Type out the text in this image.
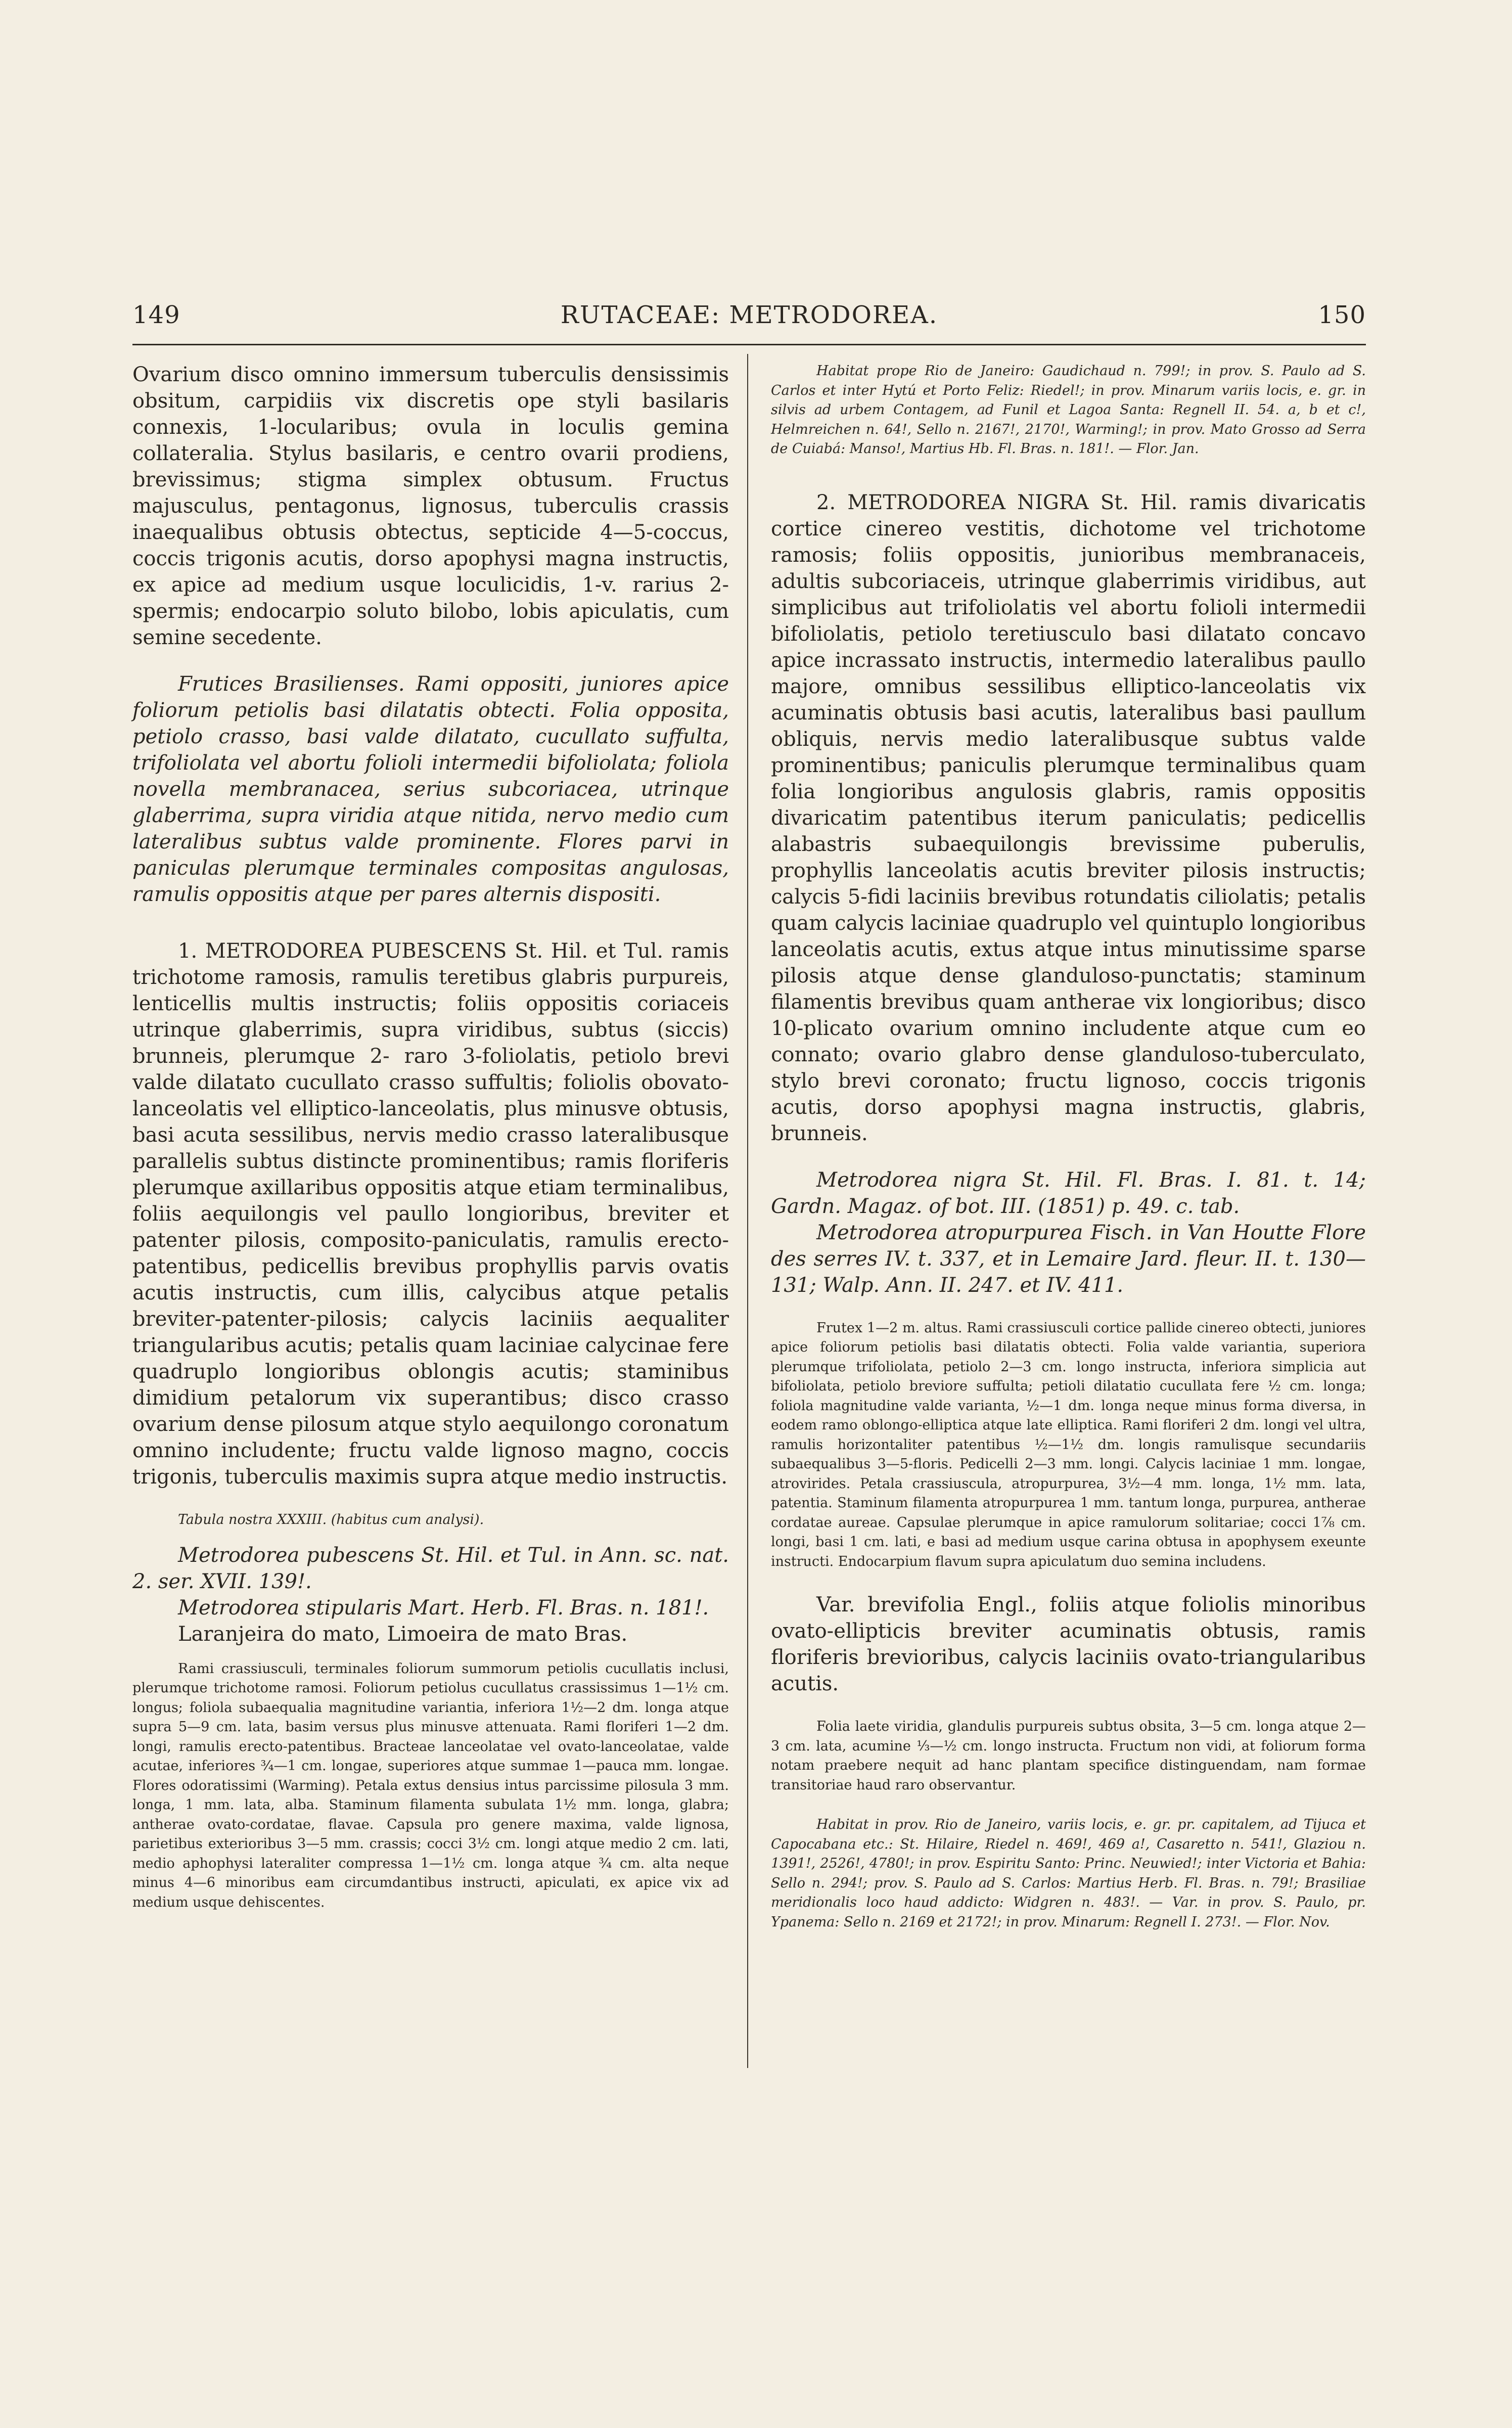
149	RUTACEAE: METRODOREA.	150

Ovarium disco omnino immersum tuberculis densissimis obsitum, carpidiis vix discretis ope styli basilaris connexis, 1-locularibus; ovula in loculis gemina collateralia. Stylus basilaris, e centro ovarii prodiens, brevissimus; stigma simplex obtusum. Fructus majusculus, pentagonus, lignosus, tuberculis crassis inaequalibus obtusis obtectus, septicide 4—5-coccus, coccis trigonis acutis, dorso apophysi magna instructis, ex apice ad medium usque loculicidis, 1-v. rarius 2-spermis; endocarpio soluto bilobo, lobis apiculatis, cum semine secedente.

Frutices Brasilienses. Rami oppositi, juniores apice foliorum petiolis basi dilatatis obtecti. Folia opposita, petiolo crasso, basi valde dilatato, cucullato suffulta, trifoliolata vel abortu folioli intermedii bifoliolata; foliola novella membranacea, serius subcoriacea, utrinque glaberrima, supra viridia atque nitida, nervo medio cum lateralibus subtus valde prominente. Flores parvi in paniculas plerumque terminales compositas angulosas, ramulis oppositis atque per pares alternis dispositi.

1. METRODOREA PUBESCENS St. Hil. et Tul. ramis trichotome ramosis, ramulis teretibus glabris purpureis, lenticellis multis instructis; foliis oppositis coriaceis utrinque glaberrimis, supra viridibus, subtus (siccis) brunneis, plerumque 2- raro 3-foliolatis, petiolo brevi valde dilatato cucullato crasso suffultis; foliolis obovato-lanceolatis vel elliptico-lanceolatis, plus minusve obtusis, basi acuta sessilibus, nervis medio crasso lateralibusque parallelis subtus distincte prominentibus; ramis floriferis plerumque axillaribus oppositis atque etiam terminalibus, foliis aequilongis vel paullo longioribus, breviter et patenter pilosis, composito-paniculatis, ramulis erecto-patentibus, pedicellis brevibus prophyllis parvis ovatis acutis instructis, cum illis, calycibus atque petalis breviter-patenter-pilosis; calycis laciniis aequaliter triangularibus acutis; petalis quam laciniae calycinae fere quadruplo longioribus oblongis acutis; staminibus dimidium petalorum vix superantibus; disco crasso ovarium dense pilosum atque stylo aequilongo coronatum omnino includente; fructu valde lignoso magno, coccis trigonis, tuberculis maximis supra atque medio instructis.

Tabula nostra XXXIII. (habitus cum analysi).

Metrodorea pubescens St. Hil. et Tul. in Ann. sc. nat. 2. ser. XVII. 139!.

Metrodorea stipularis Mart. Herb. Fl. Bras. n. 181!.

Laranjeira do mato, Limoeira de mato Bras.

Rami crassiusculi, terminales foliorum summorum petiolis cucullatis inclusi, plerumque trichotome ramosi. Foliorum petiolus cucullatus crassissimus 1—1½ cm. longus; foliola subaequalia magnitudine variantia, inferiora 1½—2 dm. longa atque supra 5—9 cm. lata, basim versus plus minusve attenuata. Rami floriferi 1—2 dm. longi, ramulis erecto-patentibus. Bracteae lanceolatae vel ovato-lanceolatae, valde acutae, inferiores ¾—1 cm. longae, superiores atque summae 1—pauca mm. longae. Flores odoratissimi (Warming). Petala extus densius intus parcissime pilosula 3 mm. longa, 1 mm. lata, alba. Staminum filamenta subulata 1½ mm. longa, glabra; antherae ovato-cordatae, flavae. Capsula pro genere maxima, valde lignosa, parietibus exterioribus 3—5 mm. crassis; cocci 3½ cm. longi atque medio 2 cm. lati, medio aphophysi lateraliter compressa 1—1½ cm. longa atque ¾ cm. alta neque minus 4—6 minoribus eam circumdantibus instructi, apiculati, ex apice vix ad medium usque dehiscentes.

Habitat prope Rio de Janeiro: Gaudichaud n. 799!; in prov. S. Paulo ad S. Carlos et inter Hytú et Porto Feliz: Riedel!; in prov. Minarum variis locis, e. gr. in silvis ad urbem Contagem, ad Funil et Lagoa Santa: Regnell II. 54. a, b et c!, Helmreichen n. 64!, Sello n. 2167!, 2170!, Warming!; in prov. Mato Grosso ad Serra de Cuiabá: Manso!, Martius Hb. Fl. Bras. n. 181!. — Flor. Jan.

2. METRODOREA NIGRA St. Hil. ramis divaricatis cortice cinereo vestitis, dichotome vel trichotome ramosis; foliis oppositis, junioribus membranaceis, adultis subcoriaceis, utrinque glaberrimis viridibus, aut simplicibus aut trifoliolatis vel abortu folioli intermedii bifoliolatis, petiolo teretiusculo basi dilatato concavo apice incrassato instructis, intermedio lateralibus paullo majore, omnibus sessilibus elliptico-lanceolatis vix acuminatis obtusis basi acutis, lateralibus basi paullum obliquis, nervis medio lateralibusque subtus valde prominentibus; paniculis plerumque terminalibus quam folia longioribus angulosis glabris, ramis oppositis divaricatim patentibus iterum paniculatis; pedicellis alabastris subaequilongis brevissime puberulis, prophyllis lanceolatis acutis breviter pilosis instructis; calycis 5-fidi laciniis brevibus rotundatis ciliolatis; petalis quam calycis laciniae quadruplo vel quintuplo longioribus lanceolatis acutis, extus atque intus minutissime sparse pilosis atque dense glanduloso-punctatis; staminum filamentis brevibus quam antherae vix longioribus; disco 10-plicato ovarium omnino includente atque cum eo connato; ovario glabro dense glanduloso-tuberculato, stylo brevi coronato; fructu lignoso, coccis trigonis acutis, dorso apophysi magna instructis, glabris, brunneis.

Metrodorea nigra St. Hil. Fl. Bras. I. 81. t. 14; Gardn. Magaz. of bot. III. (1851) p. 49. c. tab.

Metrodorea atropurpurea Fisch. in Van Houtte Flore des serres IV. t. 337, et in Lemaire Jard. fleur. II. t. 130—131; Walp. Ann. II. 247. et IV. 411.

Frutex 1—2 m. altus. Rami crassiusculi cortice pallide cinereo obtecti, juniores apice foliorum petiolis basi dilatatis obtecti. Folia valde variantia, superiora plerumque trifoliolata, petiolo 2—3 cm. longo instructa, inferiora simplicia aut bifoliolata, petiolo breviore suffulta; petioli dilatatio cucullata fere ½ cm. longa; foliola magnitudine valde varianta, ½—1 dm. longa neque minus forma diversa, in eodem ramo oblongo-elliptica atque late elliptica. Rami floriferi 2 dm. longi vel ultra, ramulis horizontaliter patentibus ½—1½ dm. longis ramulisque secundariis subaequalibus 3—5-floris. Pedicelli 2—3 mm. longi. Calycis laciniae 1 mm. longae, atrovirides. Petala crassiuscula, atropurpurea, 3½—4 mm. longa, 1½ mm. lata, patentia. Staminum filamenta atropurpurea 1 mm. tantum longa, purpurea, antherae cordatae aureae. Capsulae plerumque in apice ramulorum solitariae; cocci 1⅞ cm. longi, basi 1 cm. lati, e basi ad medium usque carina obtusa in apophysem exeunte instructi. Endocarpium flavum supra apiculatum duo semina includens.

Var. brevifolia Engl., foliis atque foliolis minoribus ovato-ellipticis breviter acuminatis obtusis, ramis floriferis brevioribus, calycis laciniis ovato-triangularibus acutis.

Folia laete viridia, glandulis purpureis subtus obsita, 3—5 cm. longa atque 2—3 cm. lata, acumine ⅓—½ cm. longo instructa. Fructum non vidi, at foliorum forma notam praebere nequit ad hanc plantam specifice distinguendam, nam formae transitoriae haud raro observantur.

Habitat in prov. Rio de Janeiro, variis locis, e. gr. pr. capitalem, ad Tijuca et Capocabana etc.: St. Hilaire, Riedel n. 469!, 469 a!, Casaretto n. 541!, Glaziou n. 1391!, 2526!, 4780!; in prov. Espiritu Santo: Princ. Neuwied!; inter Victoria et Bahia: Sello n. 294!; prov. S. Paulo ad S. Carlos: Martius Herb. Fl. Bras. n. 79!; Brasiliae meridionalis loco haud addicto: Widgren n. 483!. — Var. in prov. S. Paulo, pr. Ypanema: Sello n. 2169 et 2172!; in prov. Minarum: Regnell I. 273!. — Flor. Nov.
